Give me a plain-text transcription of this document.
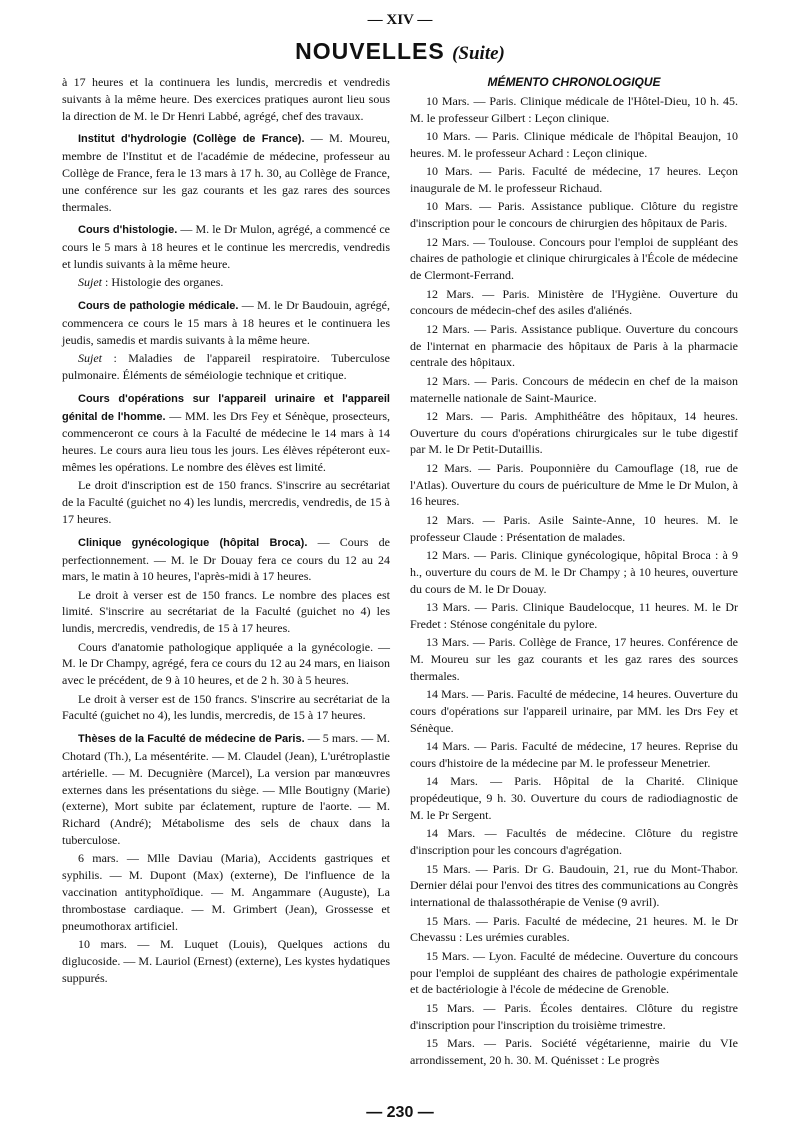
— XIV —
NOUVELLES (Suite)

à 17 heures et la continuera les lundis, mercredis et vendredis suivants à la même heure. Des exercices pratiques auront lieu sous la direction de M. le Dr Henri Labbé, agrégé, chef des travaux.

Institut d'hydrologie (Collège de France). — M. Moureu, membre de l'Institut et de l'académie de médecine, professeur au Collège de France, fera le 13 mars à 17 h. 30, au Collège de France, une conférence sur les gaz courants et les gaz rares des sources thermales.

Cours d'histologie. — M. le Dr Mulon, agrégé, a commencé ce cours le 5 mars à 18 heures et le continue les mercredis, vendredis et lundis suivants à la même heure.

Sujet : Histologie des organes.

Cours de pathologie médicale. — M. le Dr Baudouin, agrégé, commencera ce cours le 15 mars à 18 heures et le continuera les jeudis, samedis et mardis suivants à la même heure.

Sujet : Maladies de l'appareil respiratoire. Tuberculose pulmonaire. Éléments de séméiologie technique et critique.

Cours d'opérations sur l'appareil urinaire et l'appareil génital de l'homme. — MM. les Drs Fey et Sénèque, prosecteurs, commenceront ce cours à la Faculté de médecine le 14 mars à 14 heures. Le cours aura lieu tous les jours. Les élèves répéteront eux-mêmes les opérations. Le nombre des élèves est limité.

Le droit d'inscription est de 150 francs. S'inscrire au secrétariat de la Faculté (guichet no 4) les lundis, mercredis, vendredis, de 15 à 17 heures.

Clinique gynécologique (hôpital Broca). — Cours de perfectionnement. — M. le Dr Douay fera ce cours du 12 au 24 mars, le matin à 10 heures, l'après-midi à 17 heures.

Le droit à verser est de 150 francs. Le nombre des places est limité. S'inscrire au secrétariat de la Faculté (guichet no 4) les lundis, mercredis, vendredis, de 15 à 17 heures.

Cours d'anatomie pathologique appliquée a la gynécologie. — M. le Dr Champy, agrégé, fera ce cours du 12 au 24 mars, en liaison avec le précédent, de 9 à 10 heures, et de 2 h. 30 à 5 heures.

Le droit à verser est de 150 francs. S'inscrire au secrétariat de la Faculté (guichet no 4), les lundis, mercredis, de 15 à 17 heures.

Thèses de la Faculté de médecine de Paris. — 5 mars. — M. Chotard (Th.), La mésentérite. — M. Claudel (Jean), L'urétroplastie artérielle. — M. Decugnière (Marcel), La version par manœuvres externes dans les présentations du siège. — Mlle Boutigny (Marie) (externe), Mort subite par éclatement, rupture de l'aorte. — M. Richard (André); Métabolisme des sels de chaux dans la tuberculose.

6 mars. — Mlle Daviau (Maria), Accidents gastriques et syphilis. — M. Dupont (Max) (externe), De l'influence de la vaccination antityphoïdique. — M. Angammare (Auguste), La thrombostase cardiaque. — M. Grimbert (Jean), Grossesse et pneumothorax artificiel.

10 mars. — M. Luquet (Louis), Quelques actions du diglucoside. — M. Lauriol (Ernest) (externe), Les kystes hydatiques suppurés.

MÉMENTO CHRONOLOGIQUE

10 Mars. — Paris. Clinique médicale de l'Hôtel-Dieu, 10 h. 45. M. le professeur Gilbert : Leçon clinique.

10 Mars. — Paris. Clinique médicale de l'hôpital Beaujon, 10 heures. M. le professeur Achard : Leçon clinique.

10 Mars. — Paris. Faculté de médecine, 17 heures. Leçon inaugurale de M. le professeur Richaud.

10 Mars. — Paris. Assistance publique. Clôture du registre d'inscription pour le concours de chirurgien des hôpitaux de Paris.

12 Mars. — Toulouse. Concours pour l'emploi de suppléant des chaires de pathologie et clinique chirurgicales à l'École de médecine de Clermont-Ferrand.

12 Mars. — Paris. Ministère de l'Hygiène. Ouverture du concours de médecin-chef des asiles d'aliénés.

12 Mars. — Paris. Assistance publique. Ouverture du concours de l'internat en pharmacie des hôpitaux de Paris à la pharmacie centrale des hôpitaux.

12 Mars. — Paris. Concours de médecin en chef de la maison maternelle nationale de Saint-Maurice.

12 Mars. — Paris. Amphithéâtre des hôpitaux, 14 heures. Ouverture du cours d'opérations chirurgicales sur le tube digestif par M. le Dr Petit-Dutaillis.

12 Mars. — Paris. Pouponnière du Camouflage (18, rue de l'Atlas). Ouverture du cours de puériculture de Mme le Dr Mulon, à 16 heures.

12 Mars. — Paris. Asile Sainte-Anne, 10 heures. M. le professeur Claude : Présentation de malades.

12 Mars. — Paris. Clinique gynécologique, hôpital Broca : à 9 h., ouverture du cours de M. le Dr Champy ; à 10 heures, ouverture du cours de M. le Dr Douay.

13 Mars. — Paris. Clinique Baudelocque, 11 heures. M. le Dr Fredet : Sténose congénitale du pylore.

13 Mars. — Paris. Collège de France, 17 heures. Conférence de M. Moureu sur les gaz courants et les gaz rares des sources thermales.

14 Mars. — Paris. Faculté de médecine, 14 heures. Ouverture du cours d'opérations sur l'appareil urinaire, par MM. les Drs Fey et Sénèque.

14 Mars. — Paris. Faculté de médecine, 17 heures. Reprise du cours d'histoire de la médecine par M. le professeur Menetrier.

14 Mars. — Paris. Hôpital de la Charité. Clinique propédeutique, 9 h. 30. Ouverture du cours de radiodiagnostic de M. le Pr Sergent.

14 Mars. — Facultés de médecine. Clôture du registre d'inscription pour les concours d'agrégation.

15 Mars. — Paris. Dr G. Baudouin, 21, rue du Mont-Thabor. Dernier délai pour l'envoi des titres des communications au Congrès international de thalassothérapie de Venise (9 avril).

15 Mars. — Paris. Faculté de médecine, 21 heures. M. le Dr Chevassu : Les urémies curables.

15 Mars. — Lyon. Faculté de médecine. Ouverture du concours pour l'emploi de suppléant des chaires de pathologie expérimentale et de bactériologie à l'école de médecine de Grenoble.

15 Mars. — Paris. Écoles dentaires. Clôture du registre d'inscription pour l'inscription du troisième trimestre.

15 Mars. — Paris. Société végétarienne, mairie du VIe arrondissement, 20 h. 30. M. Quénisset : Le progrès

— 230 —
